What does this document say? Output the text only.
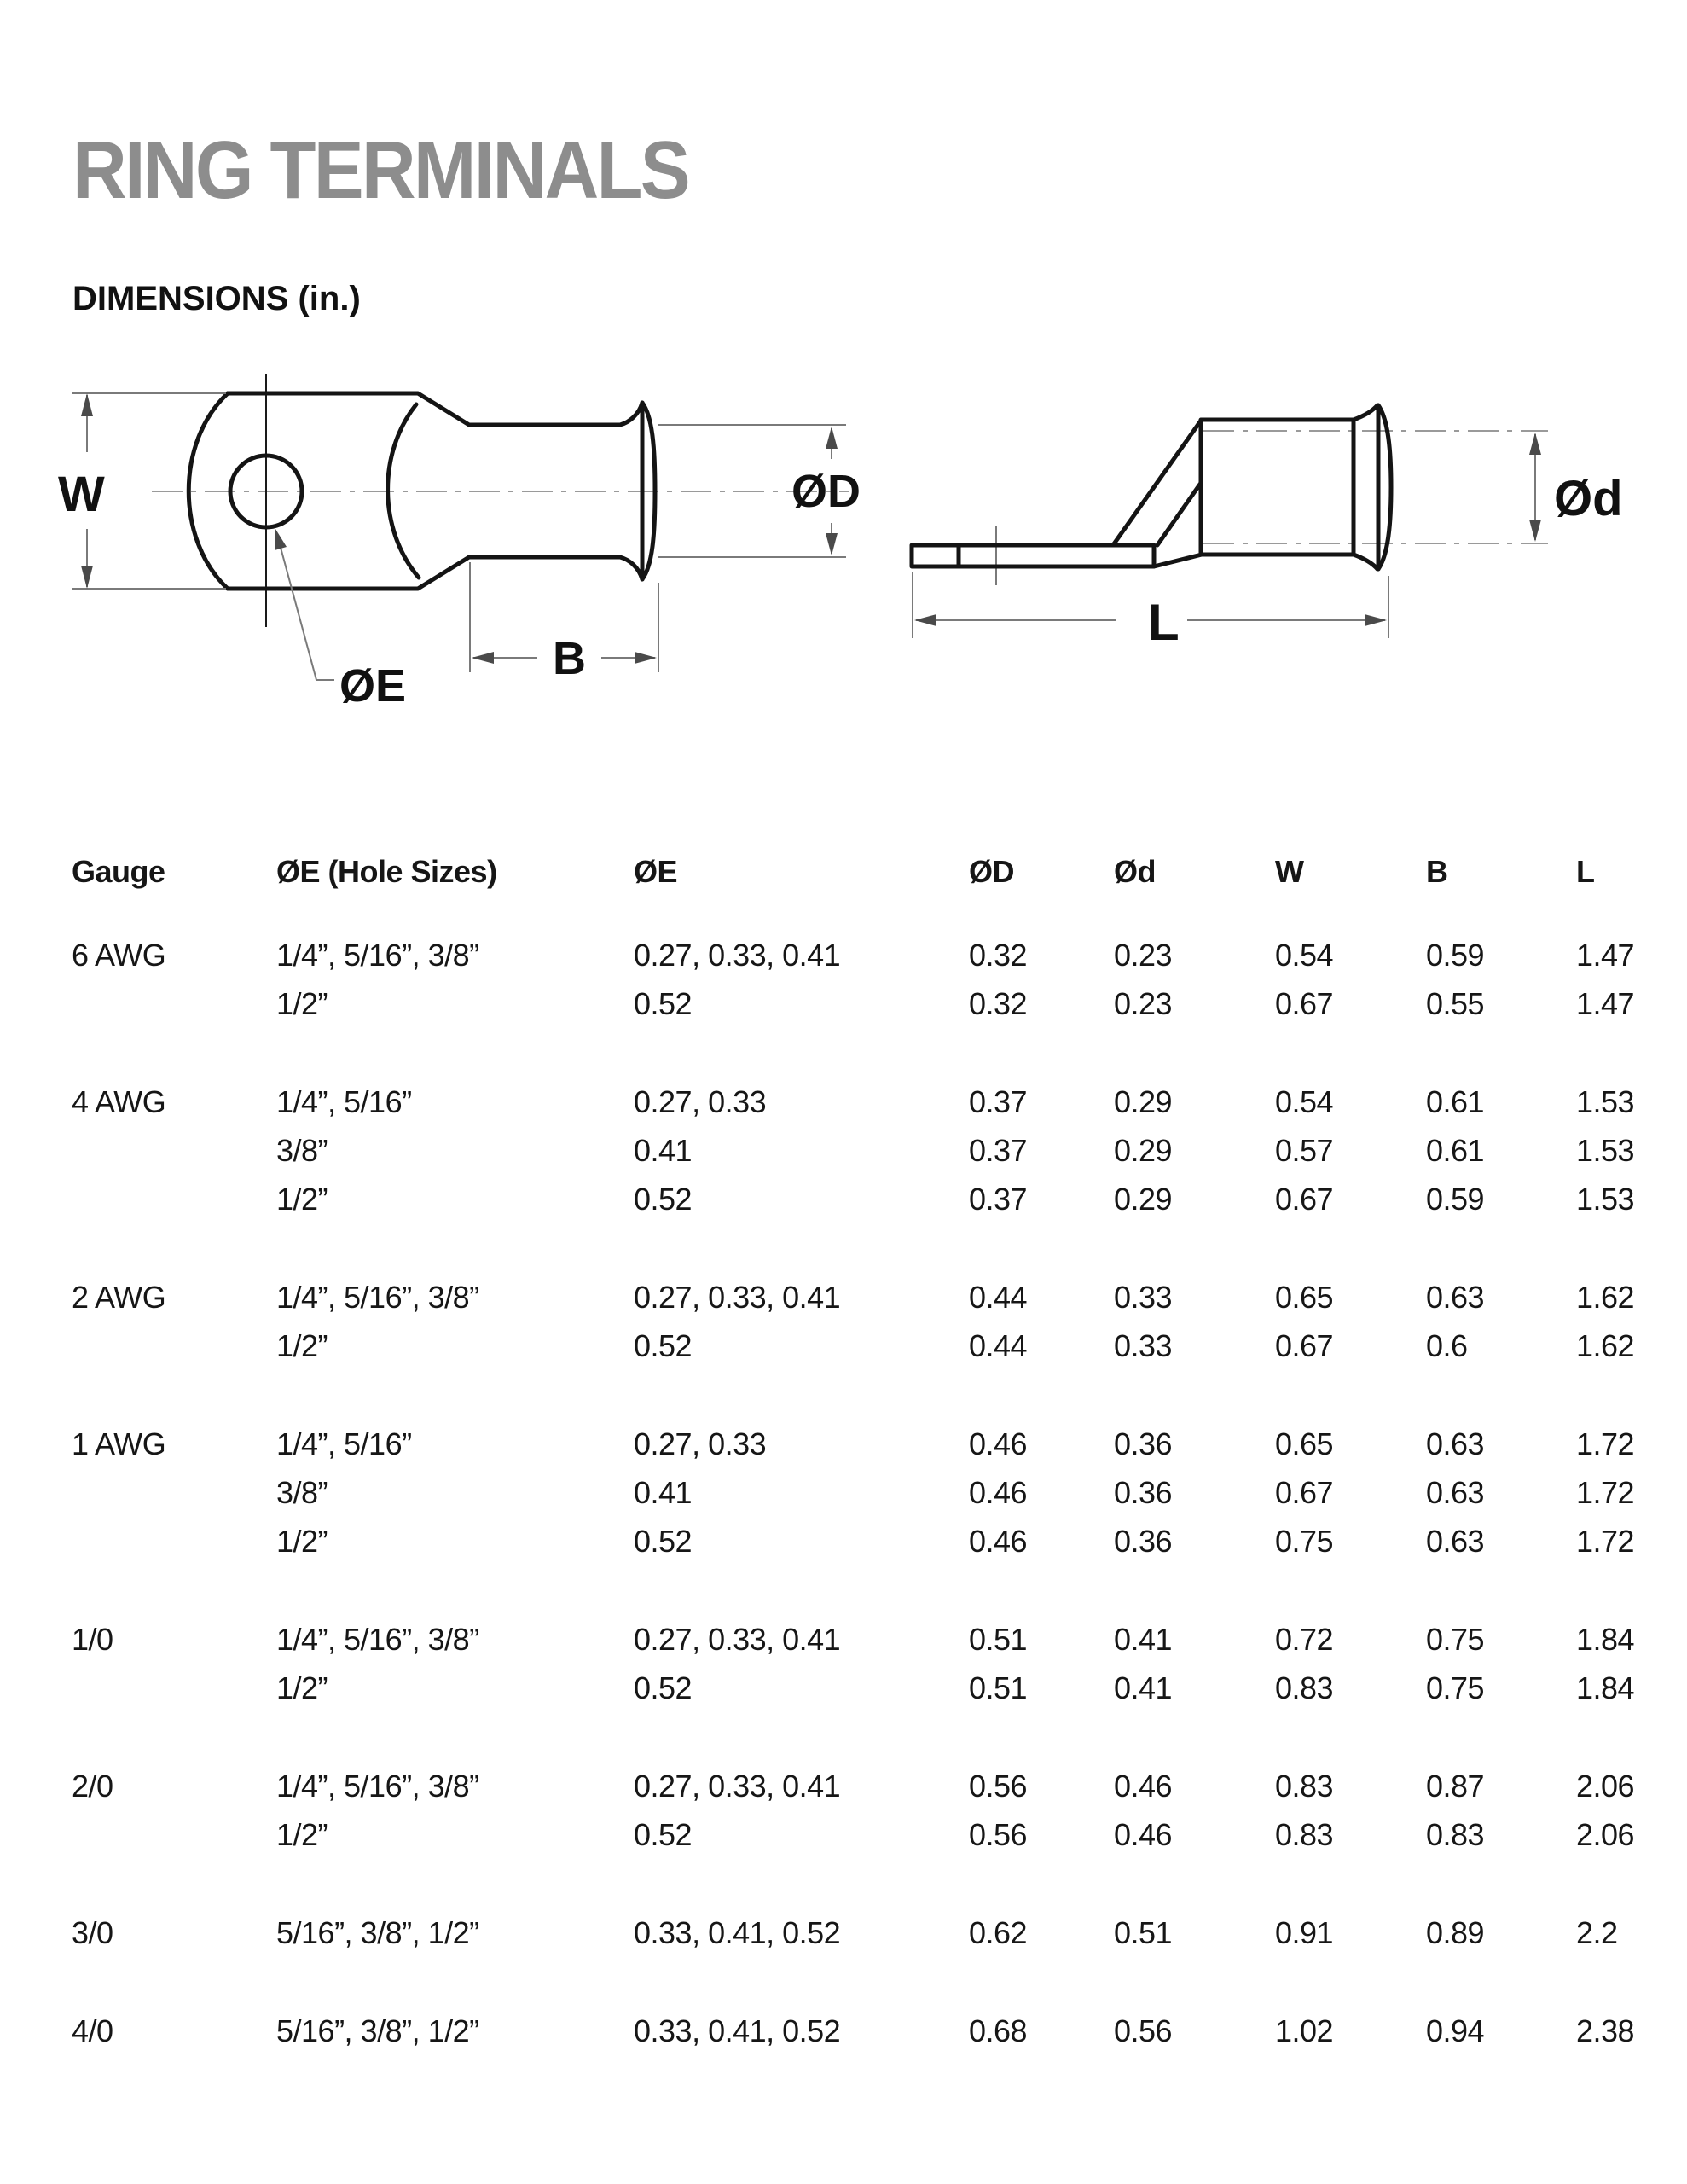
RING TERMINALS
DIMENSIONS (in.)
W	ØD
B
ØE
Ød
L
Gauge	ØE (Hole Sizes)	ØE	ØD	Ød	W	B	L
6 AWG	1/4”, 5/16”, 3/8”	0.27, 0.33, 0.41	0.32	0.23	0.54	0.59	1.47
1/2”	0.52	0.32	0.23	0.67	0.55	1.47
4 AWG	1/4”, 5/16”	0.27, 0.33	0.37	0.29	0.54	0.61	1.53
3/8”	0.41	0.37	0.29	0.57	0.61	1.53
1/2”	0.52	0.37	0.29	0.67	0.59	1.53
2 AWG	1/4”, 5/16”, 3/8”	0.27, 0.33, 0.41	0.44	0.33	0.65	0.63	1.62
1/2”	0.52	0.44	0.33	0.67	0.6	1.62
1 AWG	1/4”, 5/16”	0.27, 0.33	0.46	0.36	0.65	0.63	1.72
3/8”	0.41	0.46	0.36	0.67	0.63	1.72
1/2”	0.52	0.46	0.36	0.75	0.63	1.72
1/0	1/4”, 5/16”, 3/8”	0.27, 0.33, 0.41	0.51	0.41	0.72	0.75	1.84
1/2”	0.52	0.51	0.41	0.83	0.75	1.84
2/0	1/4”, 5/16”, 3/8”	0.27, 0.33, 0.41	0.56	0.46	0.83	0.87	2.06
1/2”	0.52	0.56	0.46	0.83	0.83	2.06
3/0	5/16”, 3/8”, 1/2”	0.33, 0.41, 0.52	0.62	0.51	0.91	0.89	2.2
4/0	5/16”, 3/8”, 1/2”	0.33, 0.41, 0.52	0.68	0.56	1.02	0.94	2.38
